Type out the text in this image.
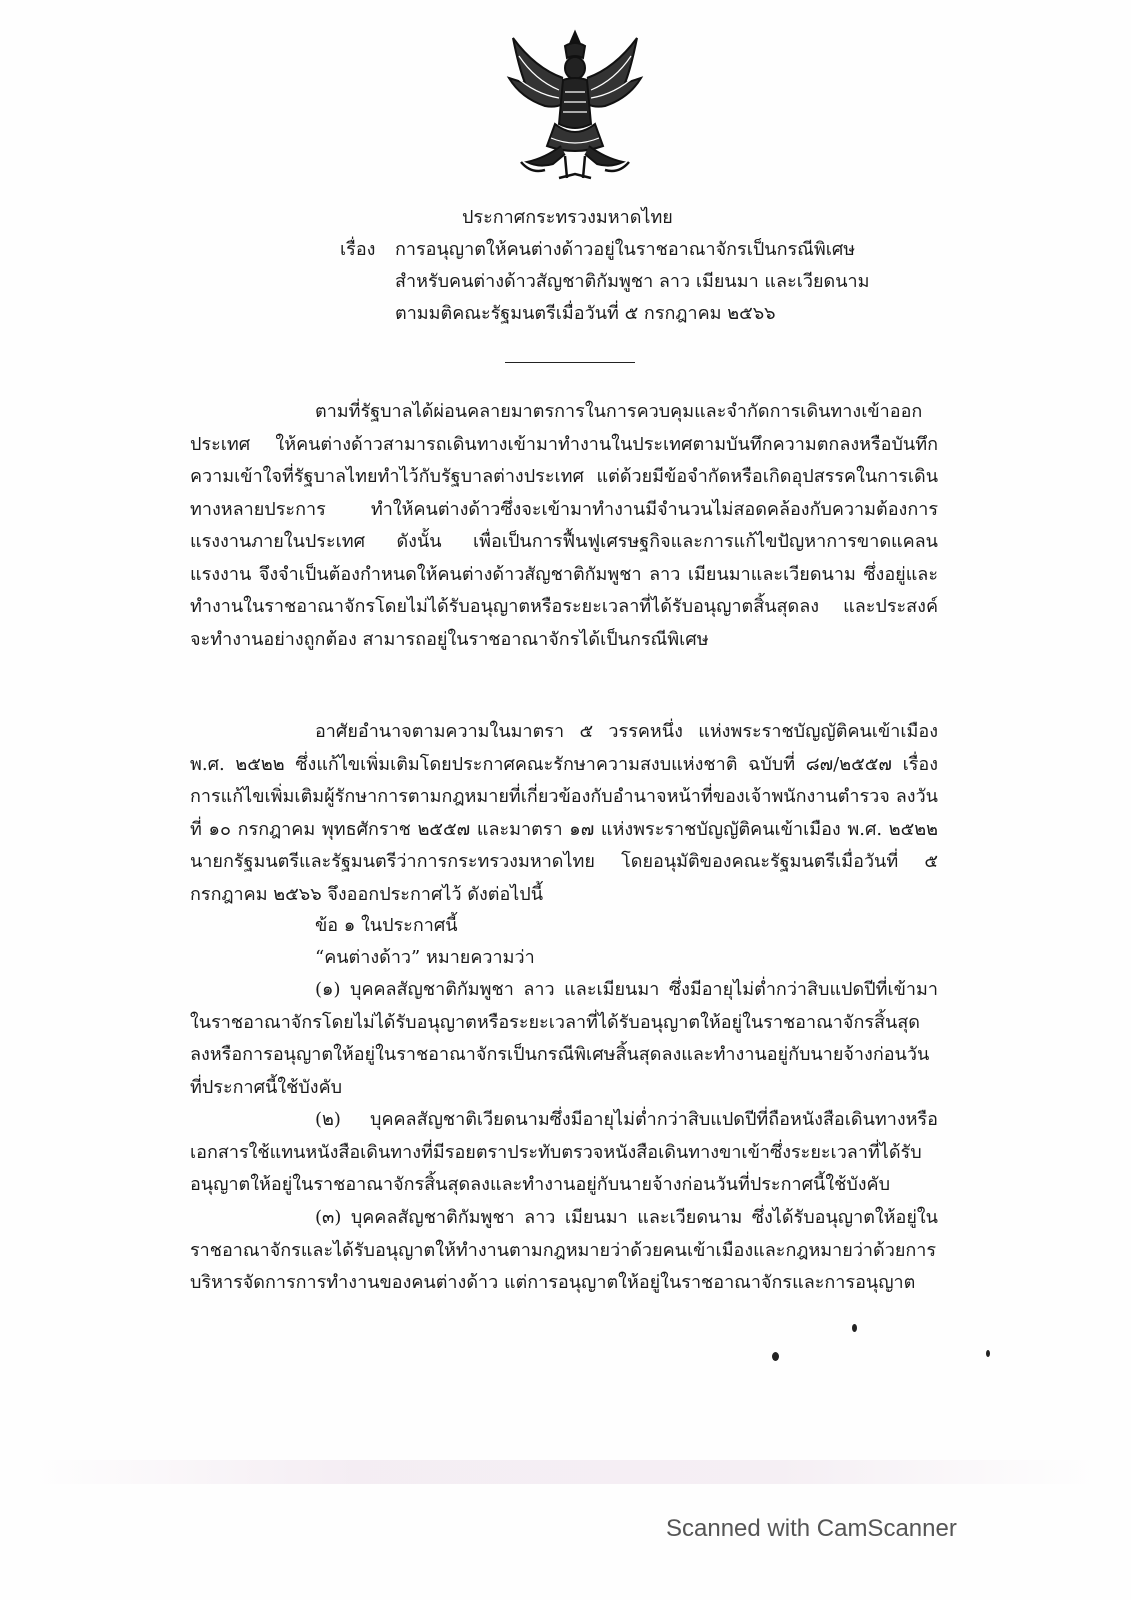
ประกาศกระทรวงมหาดไทย
เรื่อง การอนุญาตให้คนต่างด้าวอยู่ในราชอาณาจักรเป็นกรณีพิเศษ
สำหรับคนต่างด้าวสัญชาติกัมพูชา ลาว เมียนมา และเวียดนาม
ตามมติคณะรัฐมนตรีเมื่อวันที่ ๕ กรกฎาคม ๒๕๖๖

ตามที่รัฐบาลได้ผ่อนคลายมาตรการในการควบคุมและจำกัดการเดินทางเข้าออกประเทศ ให้คนต่างด้าวสามารถเดินทางเข้ามาทำงานในประเทศตามบันทึกความตกลงหรือบันทึกความเข้าใจที่รัฐบาลไทยทำไว้กับรัฐบาลต่างประเทศ แต่ด้วยมีข้อจำกัดหรือเกิดอุปสรรคในการเดินทางหลายประการ ทำให้คนต่างด้าวซึ่งจะเข้ามาทำงานมีจำนวนไม่สอดคล้องกับความต้องการแรงงานภายในประเทศ ดังนั้น เพื่อเป็นการฟื้นฟูเศรษฐกิจและการแก้ไขปัญหาการขาดแคลนแรงงาน จึงจำเป็นต้องกำหนดให้คนต่างด้าวสัญชาติกัมพูชา ลาว เมียนมาและเวียดนาม ซึ่งอยู่และทำงานในราชอาณาจักรโดยไม่ได้รับอนุญาตหรือระยะเวลาที่ได้รับอนุญาตสิ้นสุดลง และประสงค์จะทำงานอย่างถูกต้อง สามารถอยู่ในราชอาณาจักรได้เป็นกรณีพิเศษ

อาศัยอำนาจตามความในมาตรา ๕ วรรคหนึ่ง แห่งพระราชบัญญัติคนเข้าเมือง พ.ศ. ๒๕๒๒ ซึ่งแก้ไขเพิ่มเติมโดยประกาศคณะรักษาความสงบแห่งชาติ ฉบับที่ ๘๗/๒๕๕๗ เรื่อง การแก้ไขเพิ่มเติมผู้รักษาการตามกฎหมายที่เกี่ยวข้องกับอำนาจหน้าที่ของเจ้าพนักงานตำรวจ ลงวันที่ ๑๐ กรกฎาคม พุทธศักราช ๒๕๕๗ และมาตรา ๑๗ แห่งพระราชบัญญัติคนเข้าเมือง พ.ศ. ๒๕๒๒ นายกรัฐมนตรีและรัฐมนตรีว่าการกระทรวงมหาดไทย โดยอนุมัติของคณะรัฐมนตรีเมื่อวันที่ ๕ กรกฎาคม ๒๕๖๖ จึงออกประกาศไว้ ดังต่อไปนี้

ข้อ ๑ ในประกาศนี้

“คนต่างด้าว” หมายความว่า

(๑) บุคคลสัญชาติกัมพูชา ลาว และเมียนมา ซึ่งมีอายุไม่ต่ำกว่าสิบแปดปีที่เข้ามาในราชอาณาจักรโดยไม่ได้รับอนุญาตหรือระยะเวลาที่ได้รับอนุญาตให้อยู่ในราชอาณาจักรสิ้นสุดลงหรือการอนุญาตให้อยู่ในราชอาณาจักรเป็นกรณีพิเศษสิ้นสุดลงและทำงานอยู่กับนายจ้างก่อนวันที่ประกาศนี้ใช้บังคับ

(๒) บุคคลสัญชาติเวียดนามซึ่งมีอายุไม่ต่ำกว่าสิบแปดปีที่ถือหนังสือเดินทางหรือเอกสารใช้แทนหนังสือเดินทางที่มีรอยตราประทับตรวจหนังสือเดินทางขาเข้าซึ่งระยะเวลาที่ได้รับอนุญาตให้อยู่ในราชอาณาจักรสิ้นสุดลงและทำงานอยู่กับนายจ้างก่อนวันที่ประกาศนี้ใช้บังคับ

(๓) บุคคลสัญชาติกัมพูชา ลาว เมียนมา และเวียดนาม ซึ่งได้รับอนุญาตให้อยู่ในราชอาณาจักรและได้รับอนุญาตให้ทำงานตามกฎหมายว่าด้วยคนเข้าเมืองและกฎหมายว่าด้วยการบริหารจัดการการทำงานของคนต่างด้าว แต่การอนุญาตให้อยู่ในราชอาณาจักรและการอนุญาต

Scanned with CamScanner
